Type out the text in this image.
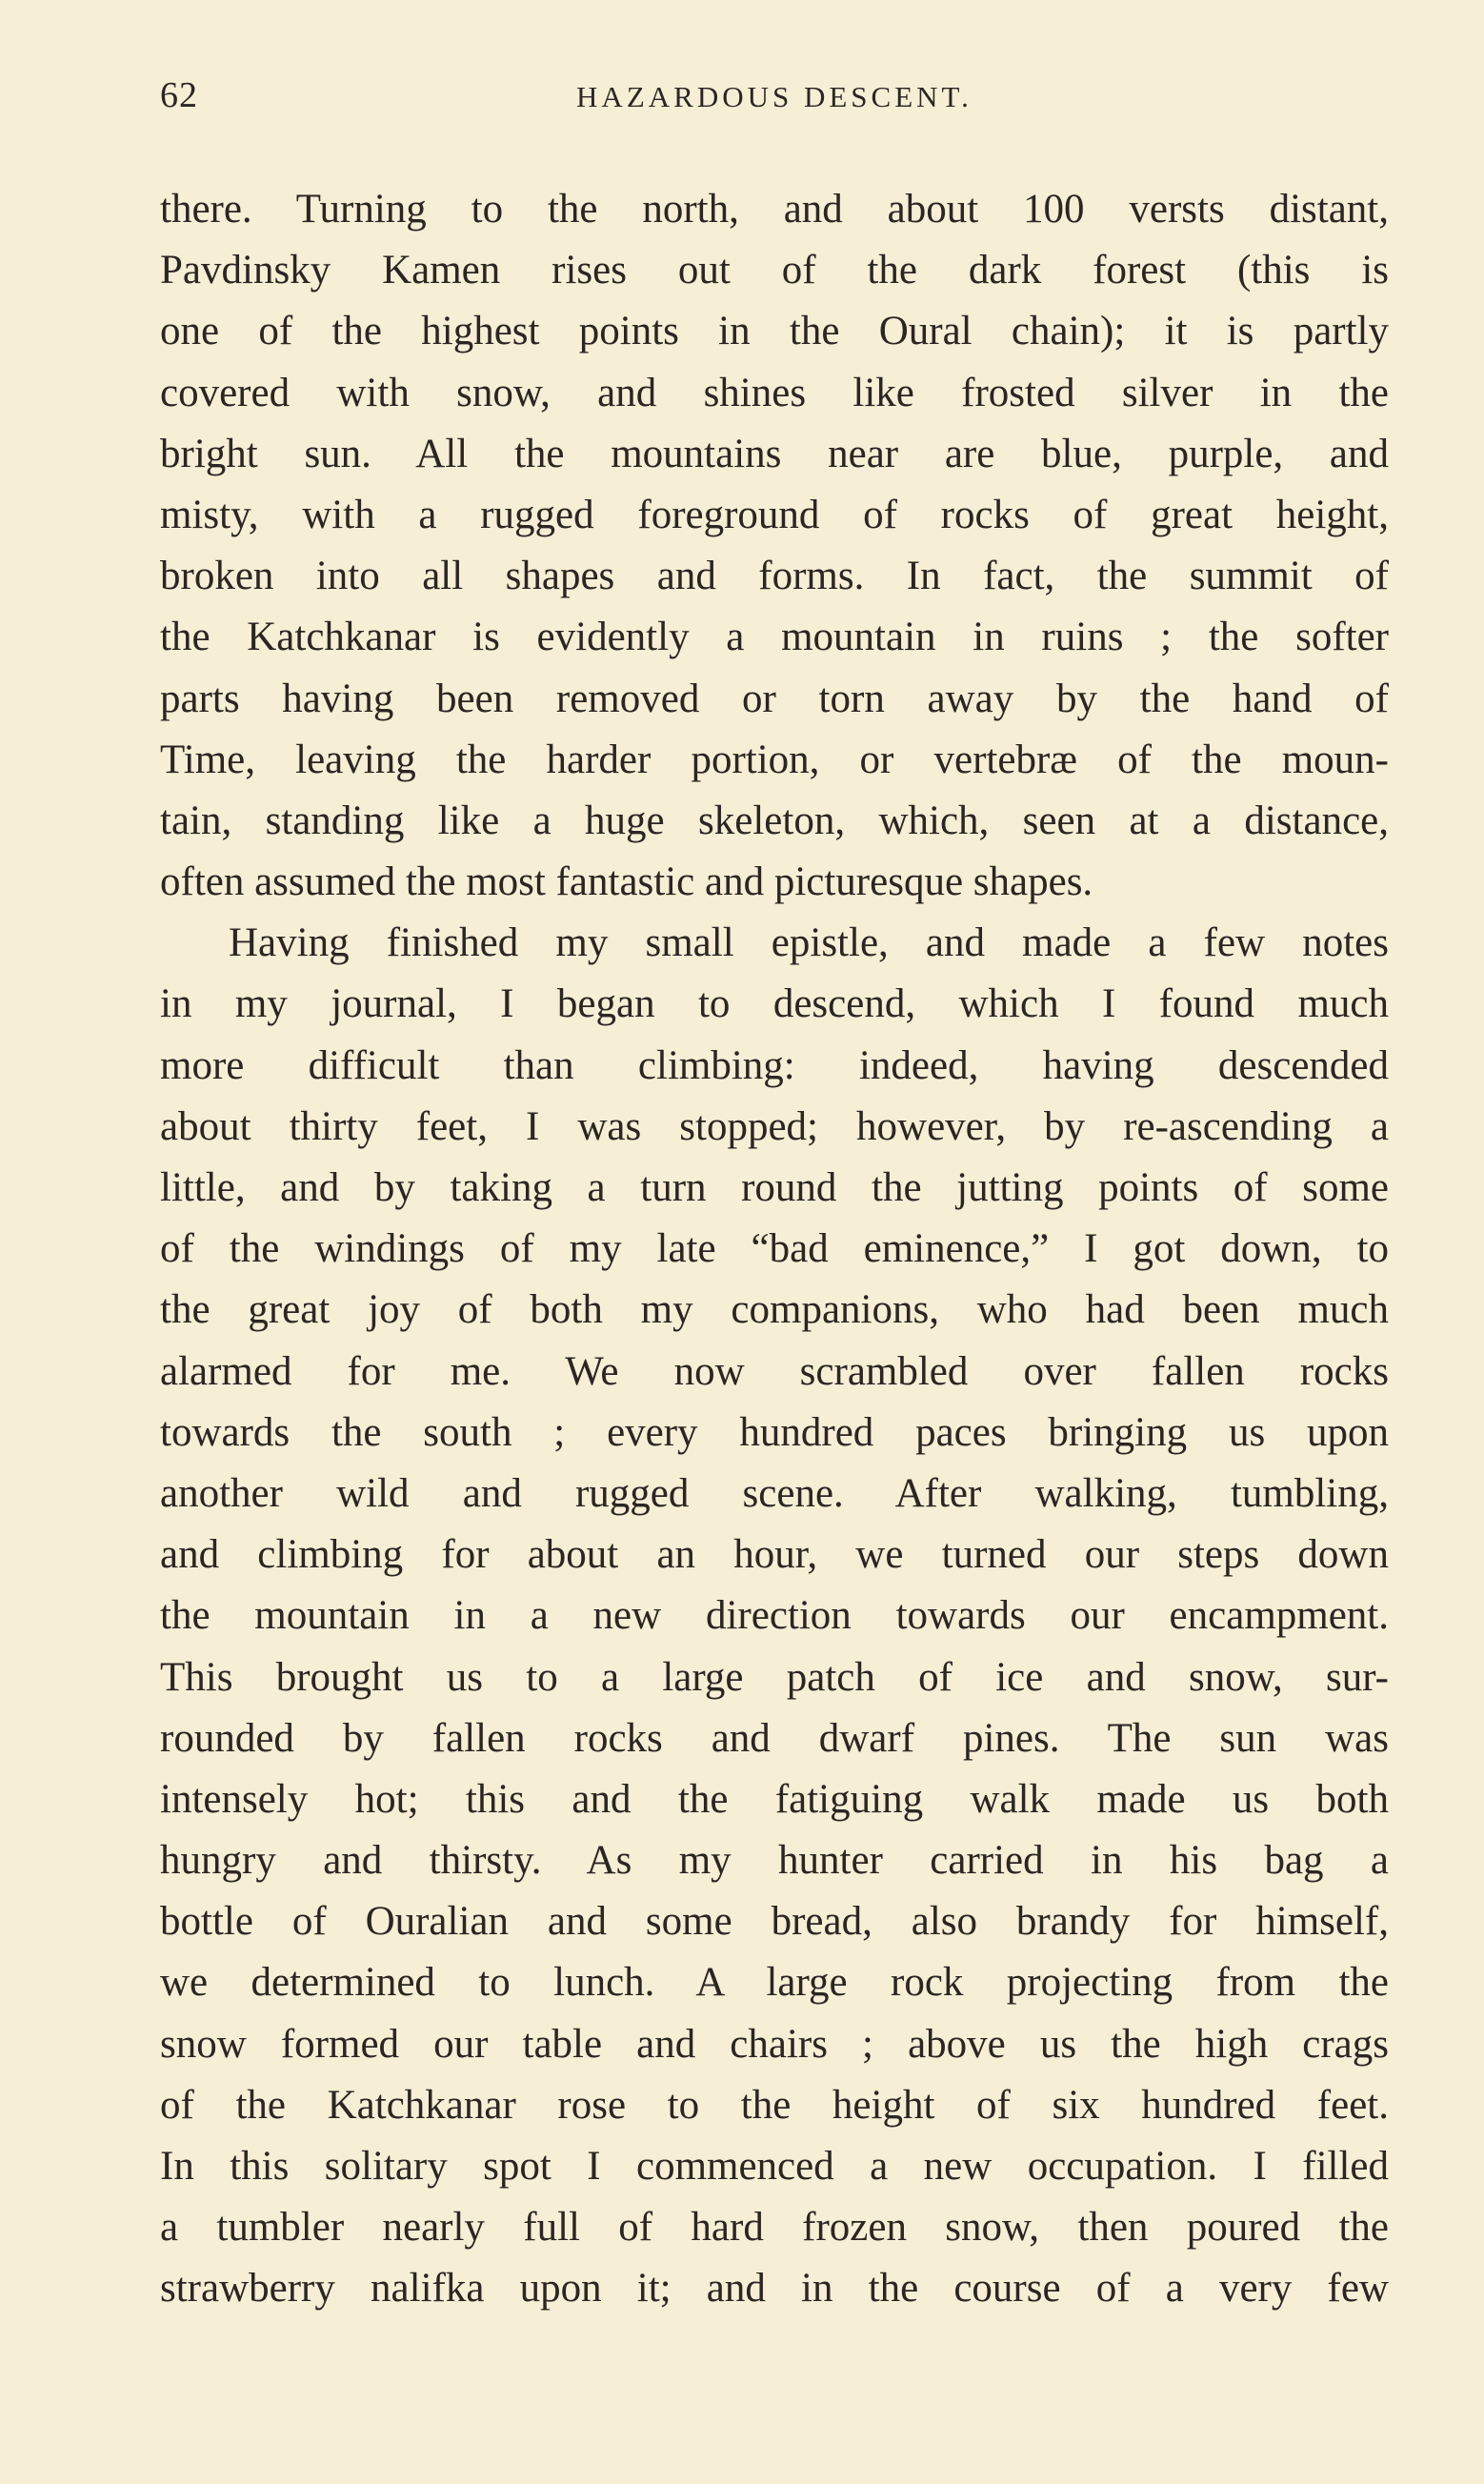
62	HAZARDOUS DESCENT.
there. Turning to the north, and about 100 versts distant,
Pavdinsky Kamen rises out of the dark forest (this is
one of the highest points in the Oural chain); it is partly
covered with snow, and shines like frosted silver in the
bright sun. All the mountains near are blue, purple, and
misty, with a rugged foreground of rocks of great height,
broken into all shapes and forms. In fact, the summit of
the Katchkanar is evidently a mountain in ruins ; the softer
parts having been removed or torn away by the hand of
Time, leaving the harder portion, or vertebræ of the moun-
tain, standing like a huge skeleton, which, seen at a distance,
often assumed the most fantastic and picturesque shapes.
Having finished my small epistle, and made a few notes
in my journal, I began to descend, which I found much
more difficult than climbing: indeed, having descended
about thirty feet, I was stopped; however, by re-ascending a
little, and by taking a turn round the jutting points of some
of the windings of my late “bad eminence,” I got down, to
the great joy of both my companions, who had been much
alarmed for me. We now scrambled over fallen rocks
towards the south ; every hundred paces bringing us upon
another wild and rugged scene. After walking, tumbling,
and climbing for about an hour, we turned our steps down
the mountain in a new direction towards our encampment.
This brought us to a large patch of ice and snow, sur-
rounded by fallen rocks and dwarf pines. The sun was
intensely hot; this and the fatiguing walk made us both
hungry and thirsty. As my hunter carried in his bag a
bottle of Ouralian and some bread, also brandy for himself,
we determined to lunch. A large rock projecting from the
snow formed our table and chairs ; above us the high crags
of the Katchkanar rose to the height of six hundred feet.
In this solitary spot I commenced a new occupation. I filled
a tumbler nearly full of hard frozen snow, then poured the
strawberry nalifka upon it; and in the course of a very few
